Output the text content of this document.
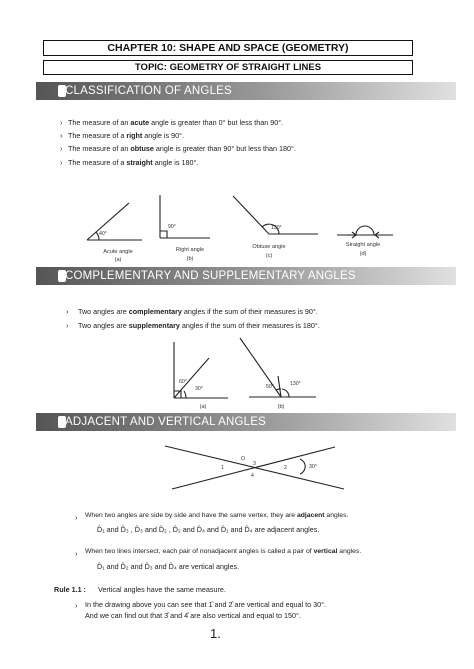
CHAPTER 10: SHAPE AND SPACE (GEOMETRY)
TOPIC: GEOMETRY OF STRAIGHT LINES
CLASSIFICATION OF ANGLES
› The measure of an acute angle is greater than 0° but less than 90°.
› The measure of a right angle is 90°.
› The measure of an obtuse angle is greater than 90° but less than 180°.
› The measure of a straight angle is 180°.
40°
Acute angle
(a)
90°
Right angle
(b)
130°
Obtuse angle
(c)
Straight angle
(d)
COMPLEMENTARY AND SUPPLEMENTARY ANGLES
› Two angles are complementary angles if the sum of their measures is 90°.
› Two angles are supplementary angles if the sum of their measures is 180°.
60°
30°
(a)
50°	130°
(b)
ADJACENT AND VERTICAL ANGLES
O
1	2
3
4
30°
› When two angles are side by side and have the same vertex, they are adjacent angles.
D̂₁ and D̂₃ , D̂₃ and D̂₂ , D̂₂ and D̂₄ and D̂₁ and D̂₄ are adjacent angles.
› When two lines intersect, each pair of nonadjacent angles is called a pair of vertical angles.
D̂₁ and D̂₂ and D̂₃ and D̂₄ are vertical angles.
Rule 1.1 : Vertical angles have the same measure.
› In the drawing above you can see that 1̂ and 2̂ are vertical and equal to 30°.
And we can find out that 3̂ and 4̂ are also vertical and equal to 150°.
1.
